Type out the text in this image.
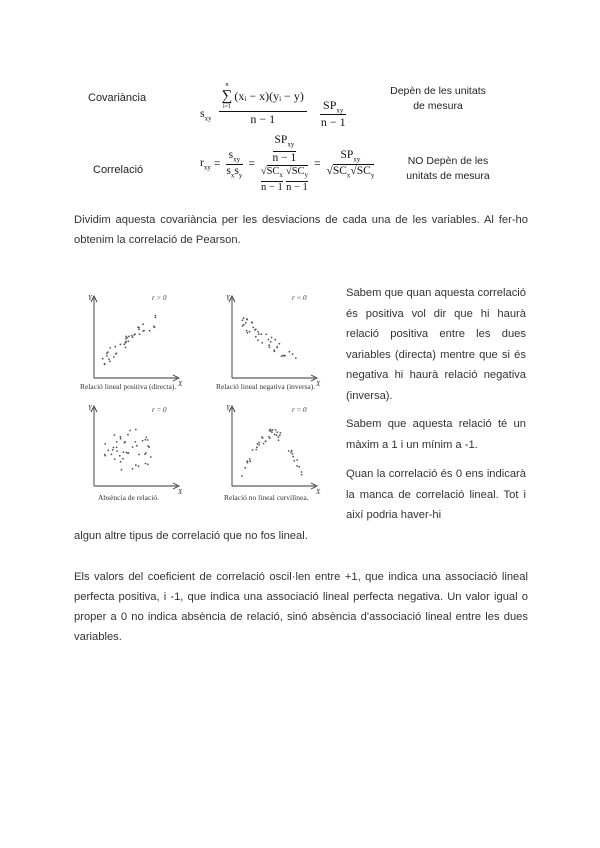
Covariància
$s_{xy}$ n
∑
i=1
(xᵢ − x)(yᵢ − y)
n − 1
$\frac{SP_{xy}}{n - 1}$
Depèn de les unitats de mesura
Correlació
$r_{xy} = \frac{s_{xy}}{s_xs_y} = SP_{xy}$
n − 1
$√SC_x$
n − 1
$√SC_y$
$n - 1 = \frac{SP_{xy}}{√SC_x√SC_y}$	NO Depèn de les unitats de mesura
Dividim aquesta covariància per les desviacions de cada una de les variables. Al fer-ho obtenim la correlació de Pearson.
Y
X
r > 0
Relació lineal positiva (directa).
Y
X
r < 0
Relació lineal negativa (inversa).
Y
X
r = 0
Absència de relació.
Y
X
r = 0
Relació no lineal curvilínea.
Sabem que quan aquesta correlació és positiva vol dir que hi haurà relació positiva entre les dues variables (directa) mentre que si és negativa hi haurà relació negativa (inversa).
Sabem que aquesta relació té un màxim a 1 i un mínim a -1.
Quan la correlació és 0 ens indicarà la manca de correlació lineal. Tot i així podria haver-hi
algun altre tipus de correlació que no fos lineal.
Els valors del coeficient de correlació oscil·len entre +1, que indica una associació lineal perfecta positiva, i -1, que indica una associació lineal perfecta negativa. Un valor igual o proper a 0 no indica absència de relació, sinó absència d'associació lineal entre les dues variables.
